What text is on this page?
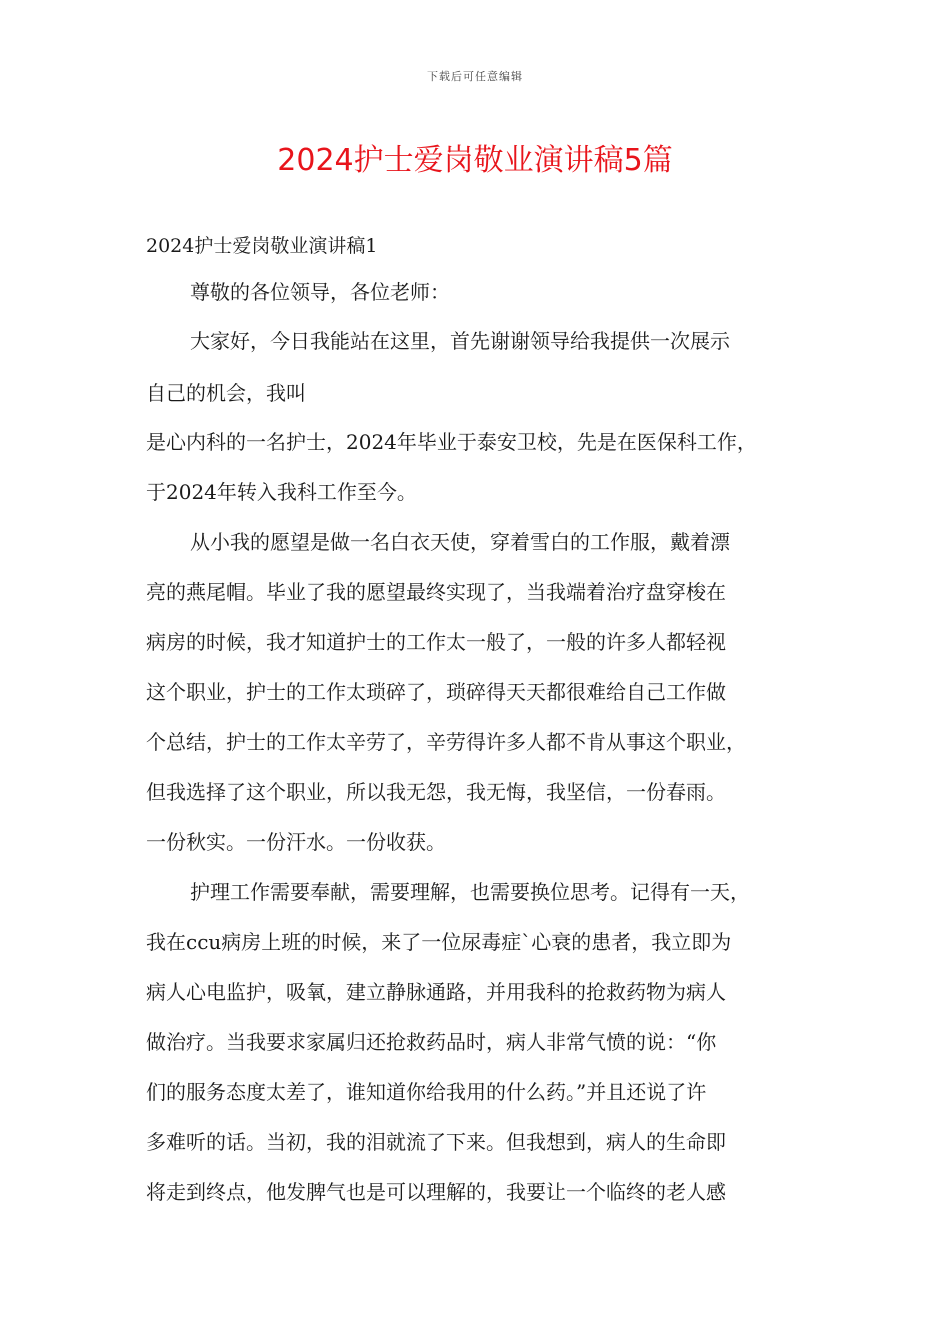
下载后可任意编辑
2024护士爱岗敬业演讲稿5篇
2024护士爱岗敬业演讲稿1
尊敬的各位领导，各位老师：
大家好，今日我能站在这里，首先谢谢领导给我提供一次展示
自己的机会，我叫
是心内科的一名护士，2024年毕业于泰安卫校，先是在医保科工作，
于2024年转入我科工作至今。
从小我的愿望是做一名白衣天使，穿着雪白的工作服，戴着漂
亮的燕尾帽。毕业了我的愿望最终实现了，当我端着治疗盘穿梭在
病房的时候，我才知道护士的工作太一般了，一般的许多人都轻视
这个职业，护士的工作太琐碎了，琐碎得天天都很难给自己工作做
个总结，护士的工作太辛劳了，辛劳得许多人都不肯从事这个职业，
但我选择了这个职业，所以我无怨，我无悔，我坚信，一份春雨。
一份秋实。一份汗水。一份收获。
护理工作需要奉献，需要理解，也需要换位思考。记得有一天，
我在ccu病房上班的时候，来了一位尿毒症`心衰的患者，我立即为
病人心电监护，吸氧，建立静脉通路，并用我科的抢救药物为病人
做治疗。当我要求家属归还抢救药品时，病人非常气愤的说：“你
们的服务态度太差了，谁知道你给我用的什么药。”并且还说了许
多难听的话。当初，我的泪就流了下来。但我想到，病人的生命即
将走到终点，他发脾气也是可以理解的，我要让一个临终的老人感
